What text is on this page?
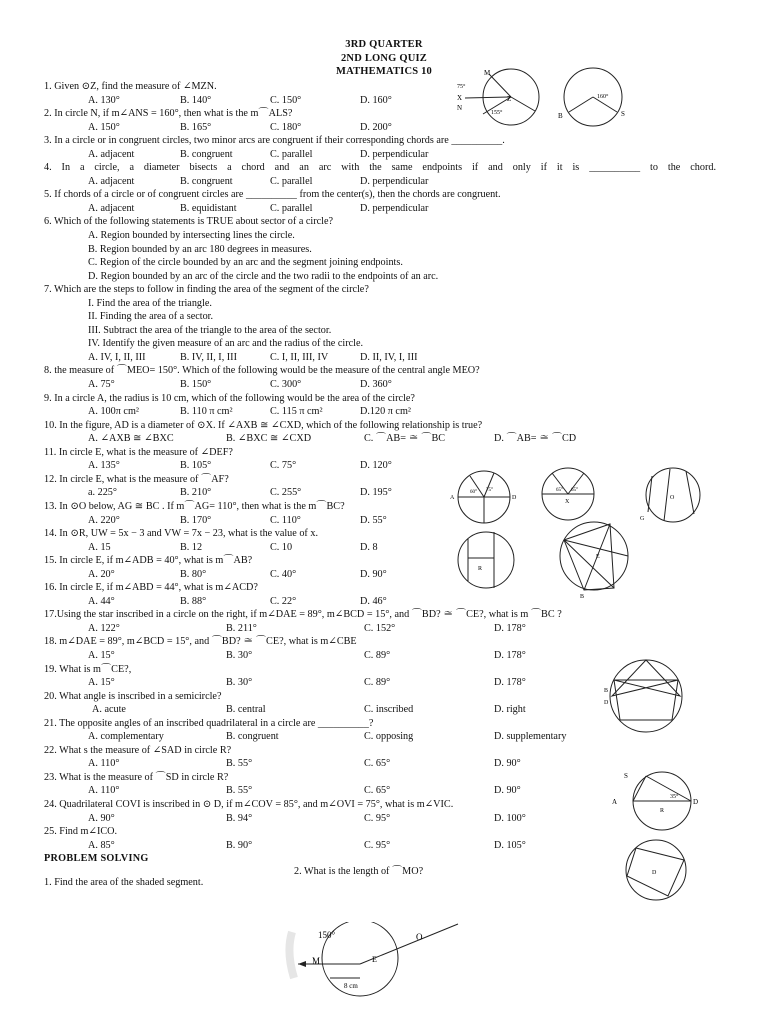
3RD QUARTER
2ND LONG QUIZ
MATHEMATICS 10
1. Given ⊙Z, find the measure of ∠MZN.
A. 130°	B. 140°	C. 150°	D. 160°
2. In circle N, if m∠ANS = 160°, then what is the m⌒ALS?
A. 150°	B. 165°	C. 180°	D. 200°
3. In a circle or in congruent circles, two minor arcs are congruent if their corresponding chords are __________.
A. adjacent	B. congruent	C. parallel	D. perpendicular
4. In a circle, a diameter bisects a chord and an arc with the same endpoints if and only if it is __________ to the chord.
A. adjacent	B. congruent	C. parallel	D. perpendicular
5. If chords of a circle or of congruent circles are __________ from the center(s), then the chords are congruent.
A. adjacent	B. equidistant	C. parallel	D. perpendicular
6. Which of the following statements is TRUE about sector of a circle?
A. Region bounded by intersecting lines the circle.
B. Region bounded by an arc 180 degrees in measures.
C. Region of the circle bounded by an arc and the segment joining endpoints.
D. Region bounded by an arc of the circle and the two radii to the endpoints of an arc.
7. Which are the steps to follow in finding the area of the segment of the circle?
I. Find the area of the triangle.
II. Finding the area of a sector.
III. Subtract the area of the triangle to the area of the sector.
IV. Identify the given measure of an arc and the radius of the circle.
A. IV, I, II, III	B. IV, II, I, III	C. I, II, III, IV	D. II, IV, I, III
8. the measure of ⌒MEO= 150°. Which of the following would be the measure of the central angle MEO?
A. 75°	B. 150°	C. 300°	D. 360°
9. In a circle A, the radius is 10 cm, which of the following would be the area of the circle?
A. 100π cm²	B. 110 π cm²	C. 115 π cm²	D.120 π cm²
10. In the figure, AD is a diameter of ⊙X. If ∠AXB ≅ ∠CXD, which of the following relationship is true?
A. ∠AXB ≅ ∠BXC	B. ∠BXC ≅ ∠CXD	C. ⌒AB= ≅ ⌒BC	D. ⌒AB= ≅ ⌒CD
11. In circle E, what is the measure of ∠DEF?
A. 135°	B. 105°	C. 75°	D. 120°
12. In circle E, what is the measure of ⌒AF?
a. 225°	B. 210°	C. 255°	D. 195°
13. In ⊙O below, AG ≅ BC . If m⌒AG= 110°, then what is the m⌒BC?
A. 220°	B. 170°	C. 110°	D. 55°
14. In ⊙R, UW = 5x − 3 and VW = 7x − 23, what is the value of x.
A. 15	B. 12	C. 10	D. 8
15. In circle E, if m∠ADB = 40°, what is m⌒AB?
A. 20°	B. 80°	C. 40°	D. 90°
16. In circle E, if m∠ABD = 44°, what is m∠ACD?
A. 44°	B. 88°	C. 22°	D. 46°
17.Using the star inscribed in a circle on the right, if m∠DAE = 89°, m∠BCD = 15°, and ⌒BD? ≅ ⌒CE?, what is m ⌒BC ?
A. 122°	B. 211°	C. 152°	D. 178°
18. m∠DAE = 89°, m∠BCD = 15°, and ⌒BD? ≅ ⌒CE?, what is m∠CBE
A. 15°	B. 30°	C. 89°	D. 178°
19. What is m⌒CE?,
A. 15°	B. 30°	C. 89°	D. 178°
20. What angle is inscribed in a semicircle?
A. acute	B. central	C. inscribed	D. right
21. The opposite angles of an inscribed quadrilateral in a circle are __________?
A. complementary	B. congruent	C. opposing	D. supplementary
22. What s the measure of ∠SAD in circle R?
A. 110°	B. 55°	C. 65°	D. 90°
23. What is the measure of ⌒SD in circle R?
A. 110°	B. 55°	C. 65°	D. 90°
24. Quadrilateral COVI is inscribed in ⊙ D, if m∠COV = 85°, and m∠OVI = 75°, what is m∠VIC.
A. 90°	B. 94°	C. 95°	D. 100°
25. Find m∠ICO.
A. 85°	B. 90°	C. 95°	D. 105°
PROBLEM SOLVING
2. What is the length of ⌒MO?
1. Find the area of the shaded segment.
M
N
X	Z
75°
155°
160°
B	S
60° 75°
A	D
65° 65°
X
O
G
R
E
B
B
D
S
A
R
D
35°
D
150°	O
E
M
8 cm
